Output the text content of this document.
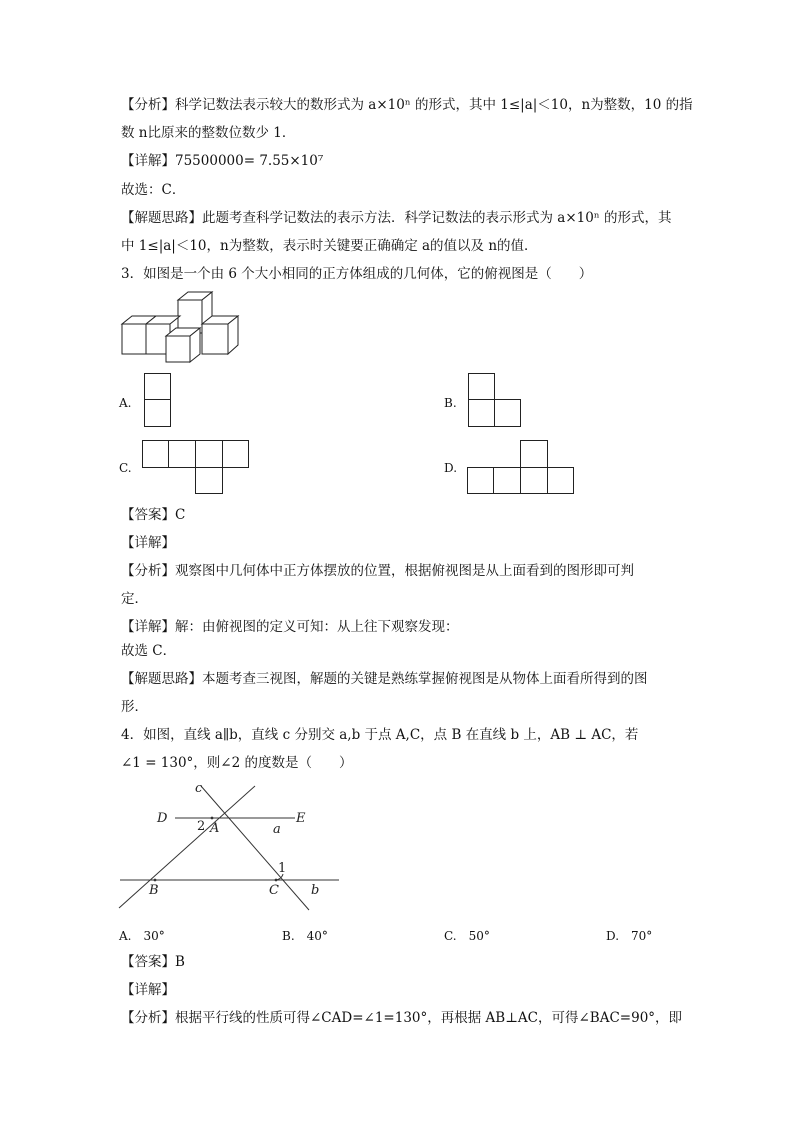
【分析】科学记数法表示较大的数形式为 a×10ⁿ 的形式，其中 1≤|a|＜10，n为整数，10 的指
数 n比原来的整数位数少 1．
【详解】75500000= 7.55×10⁷
故选：C．
【解题思路】此题考查科学记数法的表示方法．科学记数法的表示形式为 a×10ⁿ 的形式，其
中 1≤|a|＜10，n为整数，表示时关键要正确确定 a的值以及 n的值．
3．如图是一个由 6 个大小相同的正方体组成的几何体，它的俯视图是（　　）
A.	B.
C.	D.
【答案】C
【详解】
【分析】观察图中几何体中正方体摆放的位置，根据俯视图是从上面看到的图形即可判
定．
【详解】解：由俯视图的定义可知：从上往下观察发现：
故选 C．
【解题思路】本题考查三视图，解题的关键是熟练掌握俯视图是从物体上面看所得到的图
形．
4．如图，直线 a∥b，直线 c 分别交 a,b 于点 A,C，点 B 在直线 b 上，AB ⊥ AC，若
∠1 = 130°，则∠2 的度数是（　　）
c
D	E
A	a
2
1
B	C b
A.　30°	B.　40°	C.　50°	D.　70°
【答案】B
【详解】
【分析】根据平行线的性质可得∠CAD=∠1=130°，再根据 AB⊥AC，可得∠BAC=90°，即
